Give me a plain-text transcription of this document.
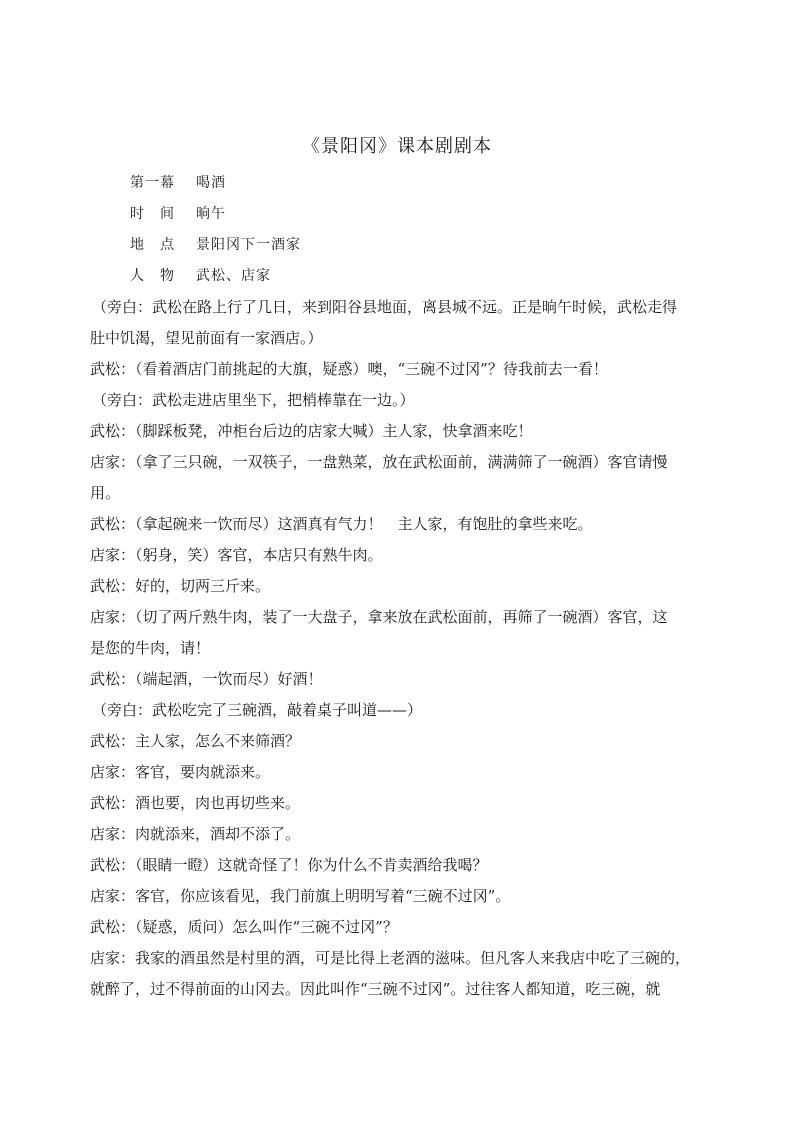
《景阳冈》课本剧剧本
第一幕 喝酒
时　间 晌午
地　点 景阳冈下一酒家
人　物 武松、店家
（旁白：武松在路上行了几日，来到阳谷县地面，离县城不远。正是晌午时候，武松走得
肚中饥渴，望见前面有一家酒店。）
武松：（看着酒店门前挑起的大旗，疑惑）噢，“三碗不过冈”？待我前去一看！
（旁白：武松走进店里坐下，把梢棒靠在一边。）
武松：（脚踩板凳，冲柜台后边的店家大喊）主人家，快拿酒来吃！
店家：（拿了三只碗，一双筷子，一盘熟菜，放在武松面前，满满筛了一碗酒）客官请慢
用。
武松：（拿起碗来一饮而尽）这酒真有气力！　主人家，有饱肚的拿些来吃。
店家：（躬身，笑）客官，本店只有熟牛肉。
武松：好的，切两三斤来。
店家：（切了两斤熟牛肉，装了一大盘子，拿来放在武松面前，再筛了一碗酒）客官，这
是您的牛肉，请！
武松：（端起酒，一饮而尽）好酒！
（旁白：武松吃完了三碗酒，敲着桌子叫道——）
武松：主人家，怎么不来筛酒？
店家：客官，要肉就添来。
武松：酒也要，肉也再切些来。
店家：肉就添来，酒却不添了。
武松：（眼睛一瞪）这就奇怪了！你为什么不肯卖酒给我喝？
店家：客官，你应该看见，我门前旗上明明写着“三碗不过冈”。
武松：（疑惑，质问）怎么叫作“三碗不过冈”？
店家：我家的酒虽然是村里的酒，可是比得上老酒的滋味。但凡客人来我店中吃了三碗的，
就醉了，过不得前面的山冈去。因此叫作“三碗不过冈”。过往客人都知道，吃三碗，就
